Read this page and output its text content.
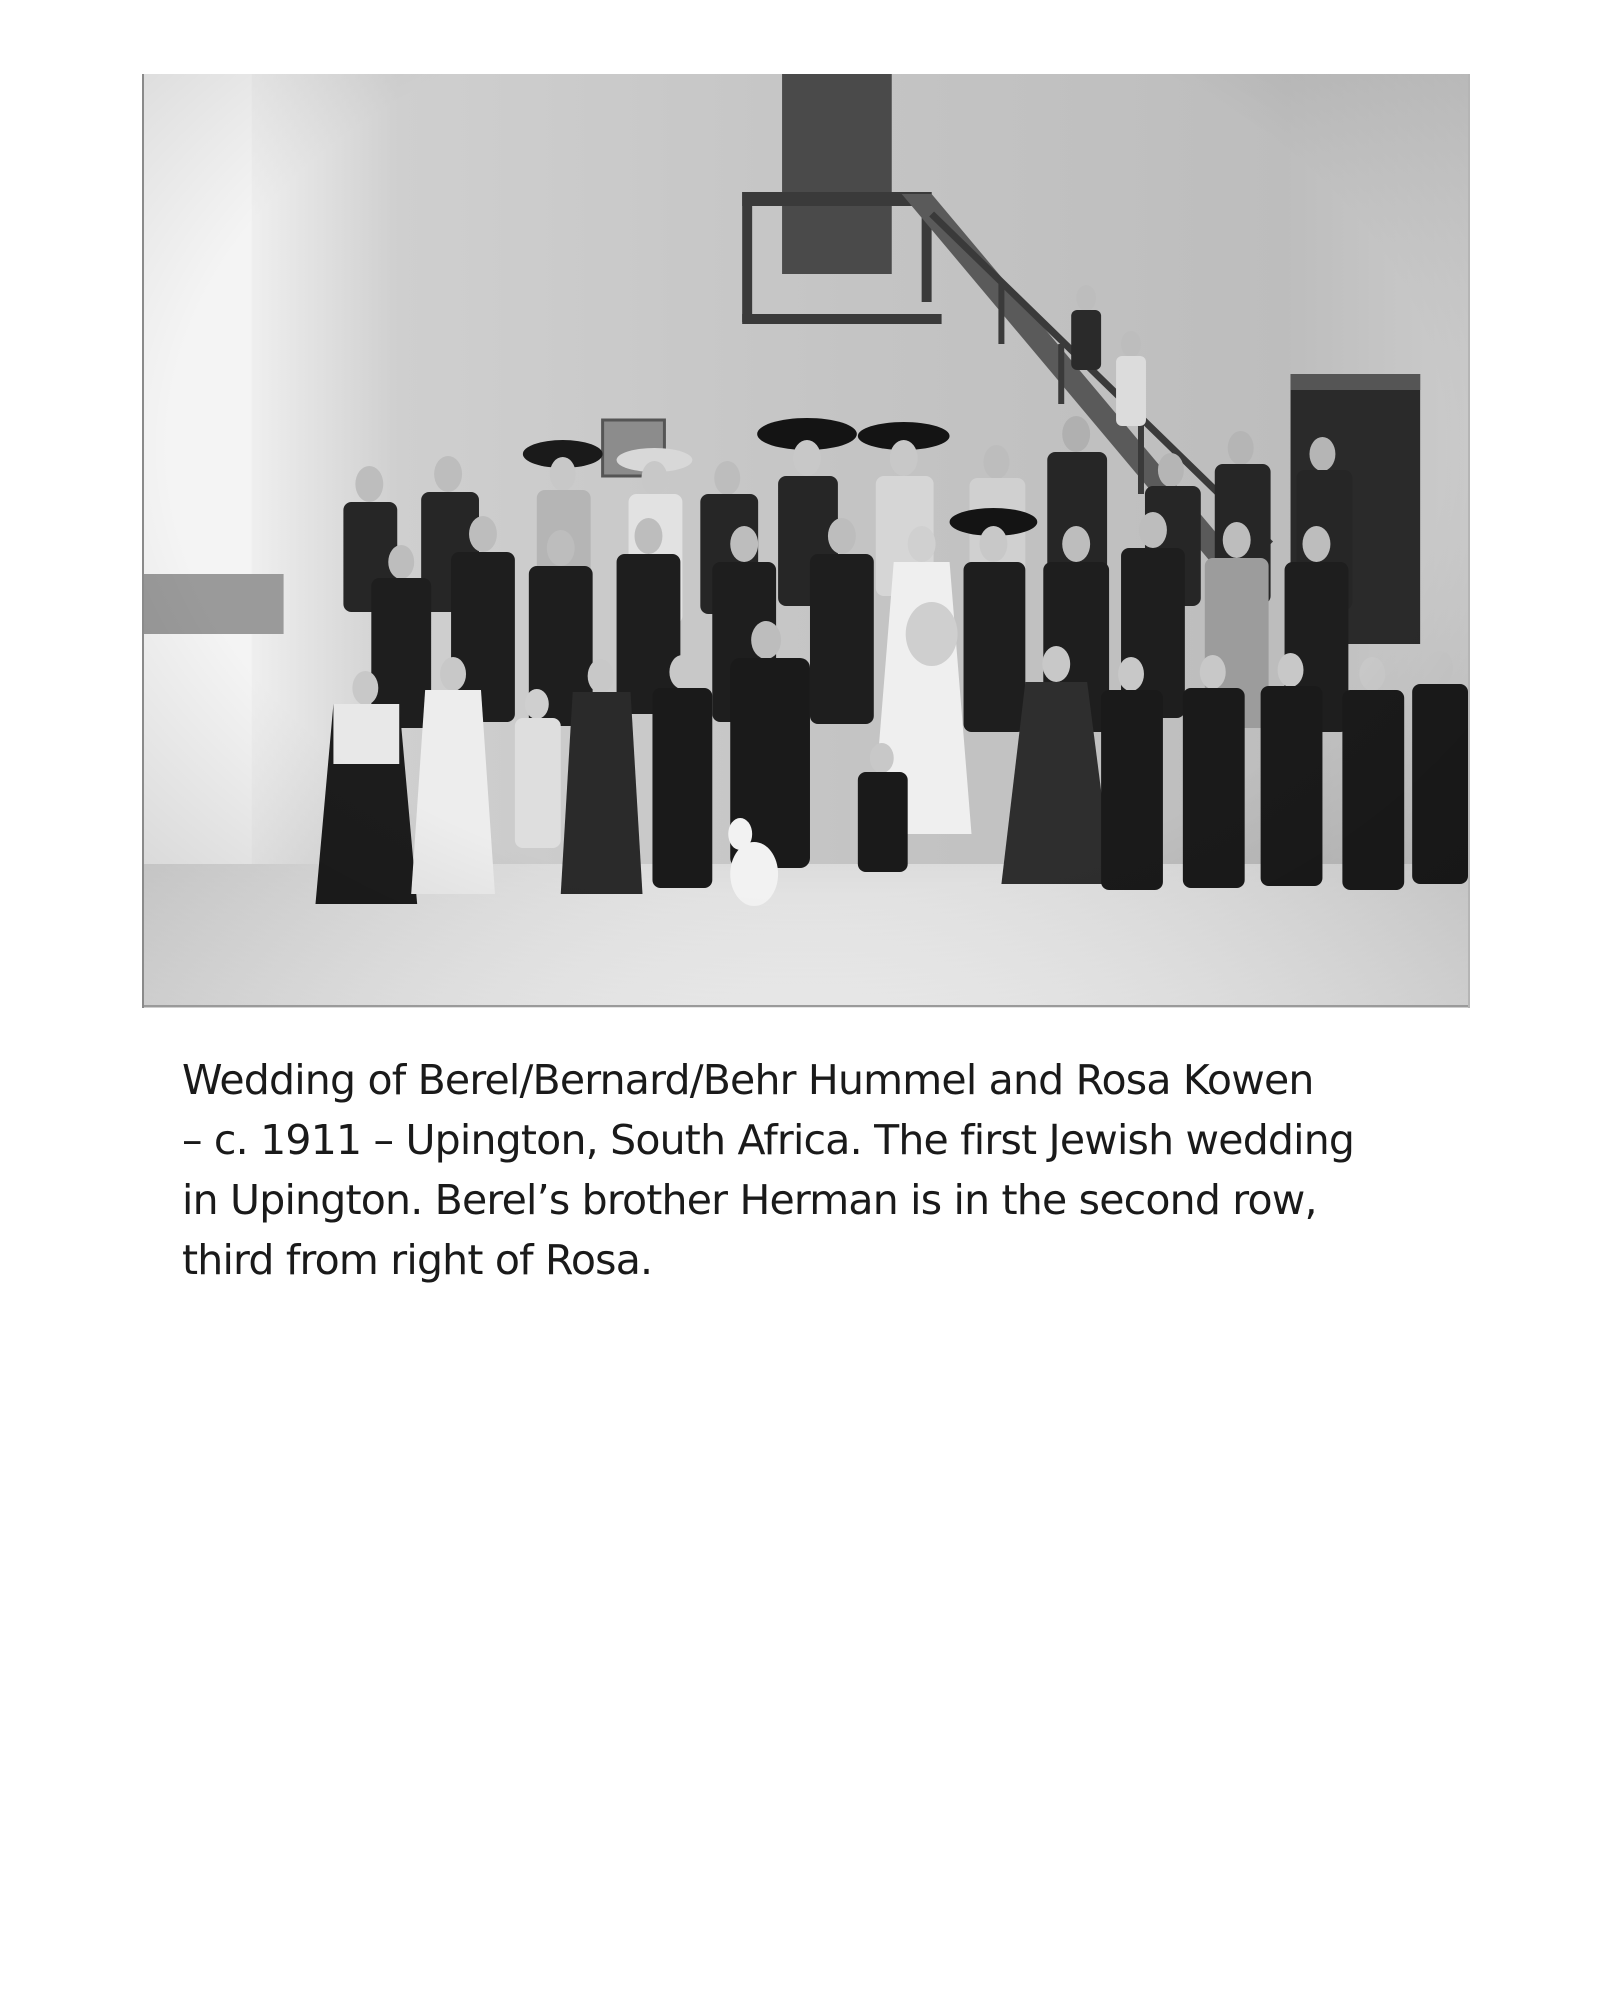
Wedding of Berel/Bernard/Behr Hummel and Rosa Kowen
– c. 1911 – Upington, South Africa. The first Jewish wedding
in Upington. Berel’s brother Herman is in the second row,
third from right of Rosa.
